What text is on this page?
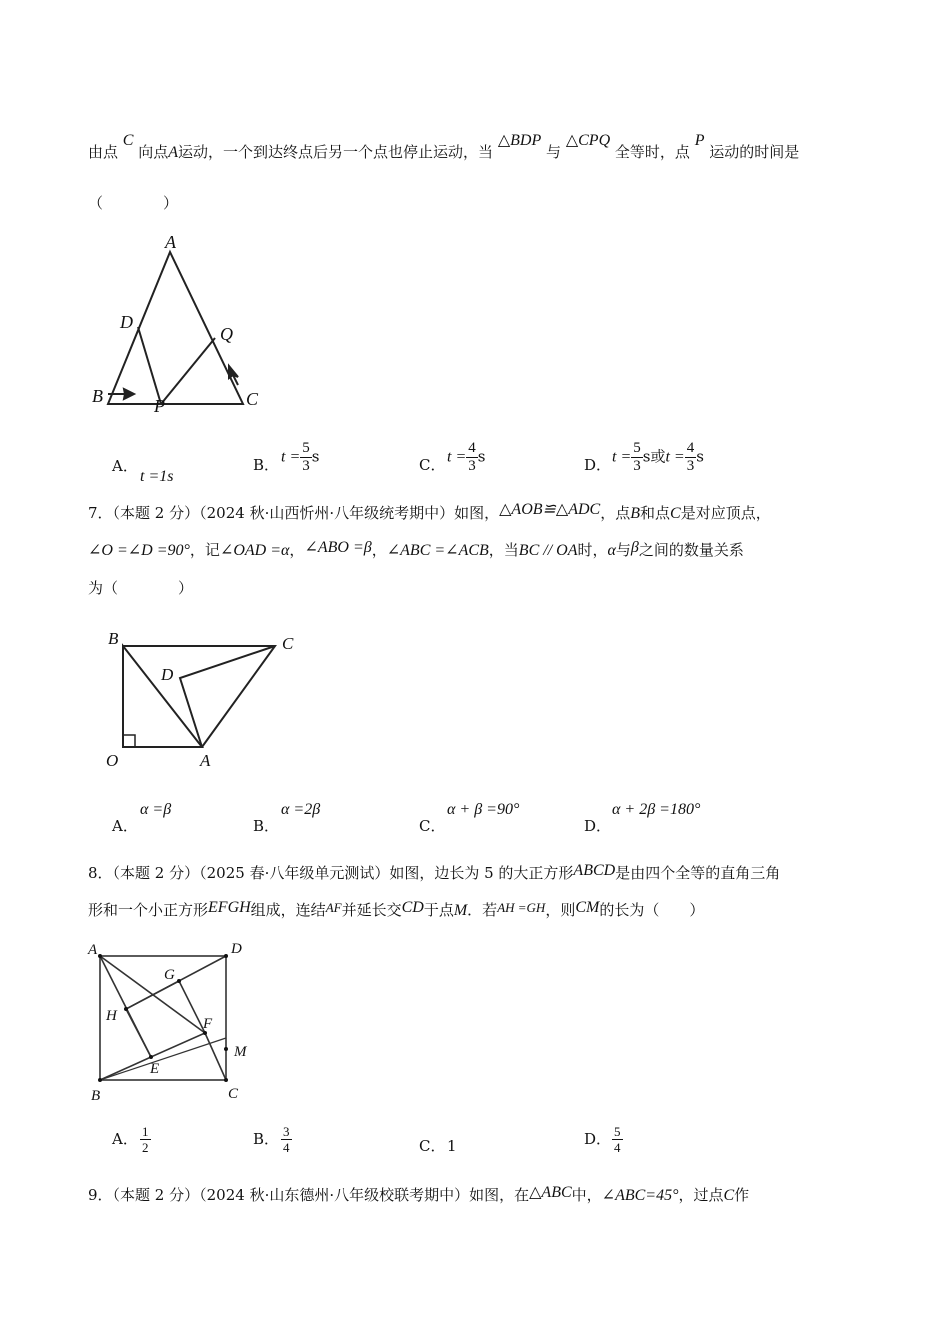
由点 C 向点A运动，一个到达终点后另一个点也停止运动，当 △BDP 与 △CPQ 全等时，点 P 运动的时间是
（　　　　）
A
D
Q
B	P	C
A．t =1s
B． $t = \frac{5}{3}$ s	C．$t = \frac{4}{3}$ s	D．$t = \frac{5}{3}$ s或$t = \frac{4}{3}$ s
7．（本题 2 分）（2024 秋·山西忻州·八年级统考期中）如图，△AOB≌△ADC，点B和点C是对应顶点，
∠O =∠D =90°，记∠OAD =α，∠ABO =β，∠ABC =∠ACB，当BC // OA时，α与β之间的数量关系
为（　　　　）
B	C
D
O	A
A．α =β
B．α =2β
C．α + β =90°
D．α + 2β =180°
8．（本题 2 分）（2025 春·八年级单元测试）如图，边长为 5 的大正方形ABCD是由四个全等的直角三角
形和一个小正方形EFGH组成，连结AF并延长交CD于点M．若AH =GH，则CM的长为（　　）
A	D
G
H	F
M
E
B	C
A． $\frac{1}{2}$	B． $\frac{3}{4}$	C． 1	D． $\frac{5}{4}$
9．（本题 2 分）（2024 秋·山东德州·八年级校联考期中）如图，在△ABC中，∠ABC=45°，过点C作
